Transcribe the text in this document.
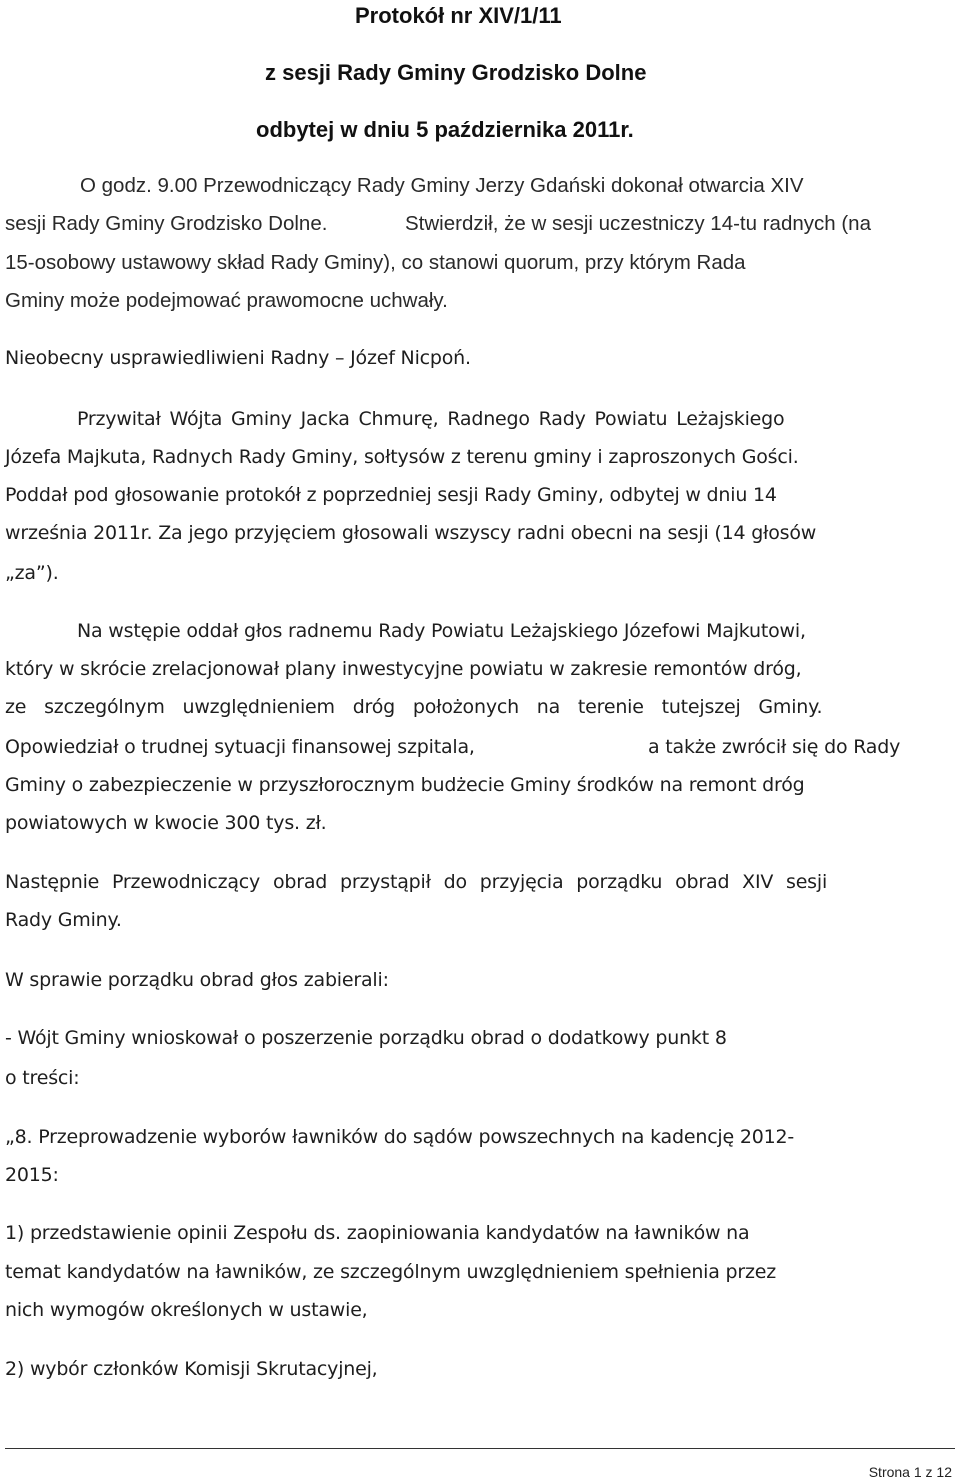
Protokół nr XIV/1/11
z sesji Rady Gminy Grodzisko Dolne
odbytej w dniu 5 października 2011r.
O godz. 9.00 Przewodniczący Rady Gminy Jerzy Gdański dokonał otwarcia XIV
sesji Rady Gminy Grodzisko Dolne.	Stwierdził, że w sesji uczestniczy 14-tu radnych (na
15-osobowy ustawowy skład Rady Gminy), co stanowi quorum, przy którym Rada
Gminy może podejmować prawomocne uchwały.
Nieobecny usprawiedliwieni Radny – Józef Nicpoń.
Przywitał Wójta Gminy Jacka Chmurę, Radnego Rady Powiatu Leżajskiego
Józefa Majkuta, Radnych Rady Gminy, sołtysów z terenu gminy i zaproszonych Gości.
Poddał pod głosowanie protokół z poprzedniej sesji Rady Gminy, odbytej w dniu 14
września 2011r. Za jego przyjęciem głosowali wszyscy radni obecni na sesji (14 głosów
„za”).
Na wstępie oddał głos radnemu Rady Powiatu Leżajskiego Józefowi Majkutowi,
który w skrócie zrelacjonował plany inwestycyjne powiatu w zakresie remontów dróg,
ze szczególnym uwzględnieniem dróg położonych na terenie tutejszej Gminy.
Opowiedział o trudnej sytuacji finansowej szpitala,	a także zwrócił się do Rady
Gminy o zabezpieczenie w przyszłorocznym budżecie Gminy środków na remont dróg
powiatowych w kwocie 300 tys. zł.
Następnie Przewodniczący obrad przystąpił do przyjęcia porządku obrad XIV sesji
Rady Gminy.
W sprawie porządku obrad głos zabierali:
- Wójt Gminy wnioskował o poszerzenie porządku obrad o dodatkowy punkt 8
o treści:
„8. Przeprowadzenie wyborów ławników do sądów powszechnych na kadencję 2012-
2015:
1) przedstawienie opinii Zespołu ds. zaopiniowania kandydatów na ławników na
temat kandydatów na ławników, ze szczególnym uwzględnieniem spełnienia przez
nich wymogów określonych w ustawie,
2) wybór członków Komisji Skrutacyjnej,
Strona 1 z 12
